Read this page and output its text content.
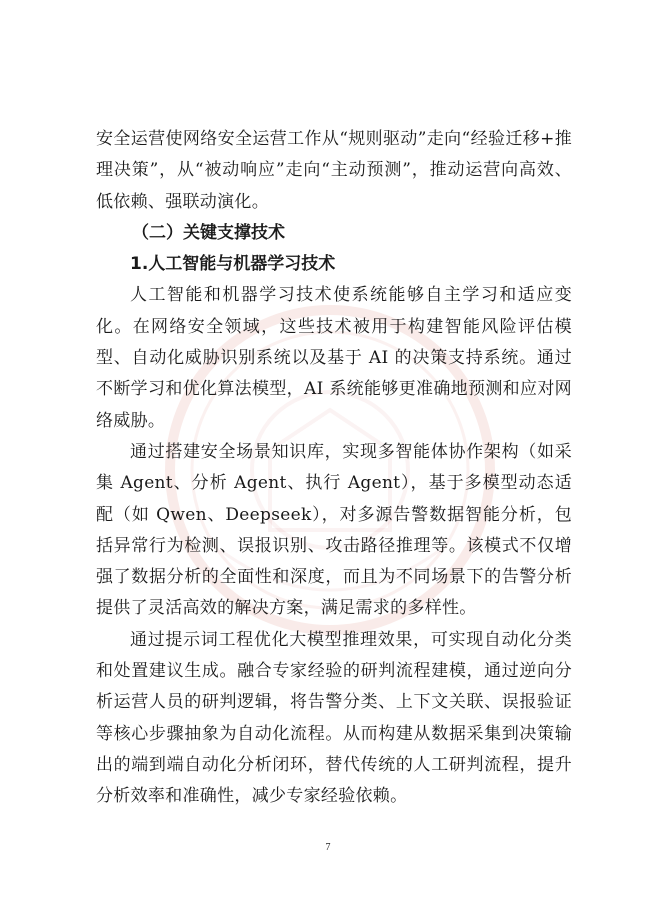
安全运营使网络安全运营工作从“规则驱动”走向“经验迁移+推理决策”，从“被动响应”走向“主动预测”，推动运营向高效、低依赖、强联动演化。

（二）关键支撑技术

1.人工智能与机器学习技术

人工智能和机器学习技术使系统能够自主学习和适应变化。在网络安全领域，这些技术被用于构建智能风险评估模型、自动化威胁识别系统以及基于 AI 的决策支持系统。通过不断学习和优化算法模型，AI 系统能够更准确地预测和应对网络威胁。

通过搭建安全场景知识库，实现多智能体协作架构（如采集 Agent、分析 Agent、执行 Agent），基于多模型动态适配（如 Qwen、Deepseek），对多源告警数据智能分析，包括异常行为检测、误报识别、攻击路径推理等。该模式不仅增强了数据分析的全面性和深度，而且为不同场景下的告警分析提供了灵活高效的解决方案，满足需求的多样性。

通过提示词工程优化大模型推理效果，可实现自动化分类和处置建议生成。融合专家经验的研判流程建模，通过逆向分析运营人员的研判逻辑，将告警分类、上下文关联、误报验证等核心步骤抽象为自动化流程。从而构建从数据采集到决策输出的端到端自动化分析闭环，替代传统的人工研判流程，提升分析效率和准确性，减少专家经验依赖。

7
